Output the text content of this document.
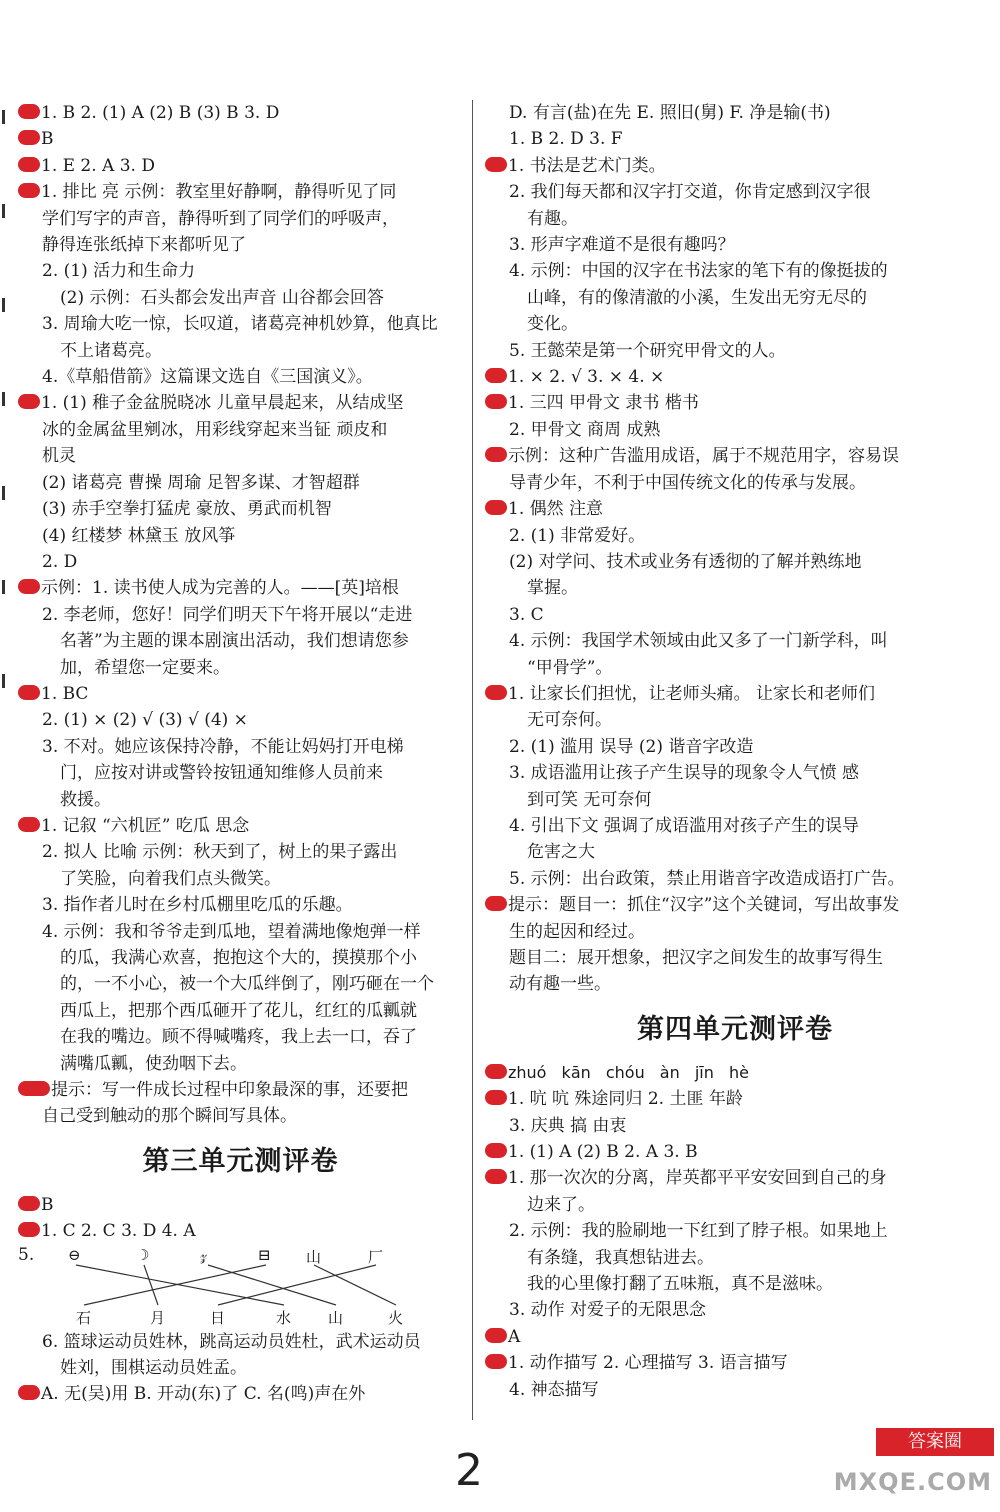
1. B 2. (1) A (2) B (3) B 3. D
B
1. E 2. A 3. D
1. 排比 亮 示例：教室里好静啊，静得听见了同
学们写字的声音，静得听到了同学们的呼吸声，
静得连张纸掉下来都听见了
2. (1) 活力和生命力
(2) 示例：石头都会发出声音 山谷都会回答
3. 周瑜大吃一惊，长叹道，诸葛亮神机妙算，他真比
不上诸葛亮。
4.《草船借箭》这篇课文选自《三国演义》。
1. (1) 稚子金盆脱晓冰 儿童早晨起来，从结成坚
冰的金属盆里剜冰，用彩线穿起来当钲 顽皮和
机灵
(2) 诸葛亮 曹操 周瑜 足智多谋、才智超群
(3) 赤手空拳打猛虎 豪放、勇武而机智
(4) 红楼梦 林黛玉 放风筝
2. D
示例：1. 读书使人成为完善的人。——[英]培根
2. 李老师，您好！同学们明天下午将开展以“走进
名著”为主题的课本剧演出活动，我们想请您参
加，希望您一定要来。
1. BC
2. (1) × (2) √ (3) √ (4) ×
3. 不对。她应该保持冷静，不能让妈妈打开电梯
门，应按对讲或警铃按钮通知维修人员前来
救援。
1. 记叙 “六机匠” 吃瓜 思念
2. 拟人 比喻 示例：秋天到了，树上的果子露出
了笑脸，向着我们点头微笑。
3. 指作者儿时在乡村瓜棚里吃瓜的乐趣。
4. 示例：我和爷爷走到瓜地，望着满地像炮弹一样
的瓜，我满心欢喜，抱抱这个大的，摸摸那个小
的，一不小心，被一个大瓜绊倒了，刚巧砸在一个
西瓜上，把那个西瓜砸开了花儿，红红的瓜瓤就
在我的嘴边。顾不得喊嘴疼，我上去一口，吞了
满嘴瓜瓤，使劲咽下去。
提示：写一件成长过程中印象最深的事，还要把
自己受到触动的那个瞬间写具体。
第三单元测评卷
B
1. C 2. C 3. D 4. A
5. ⊖	☽	𝓏	⊟ 山	厂
石	月	日	水 山	火
6. 篮球运动员姓林，跳高运动员姓杜，武术运动员
姓刘，围棋运动员姓孟。
A. 无(吴)用 B. 开动(东)了 C. 名(鸣)声在外
D. 有言(盐)在先 E. 照旧(舅) F. 净是输(书)
1. B 2. D 3. F
1. 书法是艺术门类。
2. 我们每天都和汉字打交道，你肯定感到汉字很
有趣。
3. 形声字难道不是很有趣吗？
4. 示例：中国的汉字在书法家的笔下有的像挺拔的
山峰，有的像清澈的小溪，生发出无穷无尽的
变化。
5. 王懿荣是第一个研究甲骨文的人。
1. × 2. √ 3. × 4. ×
1. 三四 甲骨文 隶书 楷书
2. 甲骨文 商周 成熟
示例：这种广告滥用成语，属于不规范用字，容易误
导青少年，不利于中国传统文化的传承与发展。
1. 偶然 注意
2. (1) 非常爱好。
(2) 对学问、技术或业务有透彻的了解并熟练地
掌握。
3. C
4. 示例：我国学术领域由此又多了一门新学科，叫
“甲骨学”。
1. 让家长们担忧，让老师头痛。 让家长和老师们
无可奈何。
2. (1) 滥用 误导 (2) 谐音字改造
3. 成语滥用让孩子产生误导的现象令人气愤 感
到可笑 无可奈何
4. 引出下文 强调了成语滥用对孩子产生的误导
危害之大
5. 示例：出台政策，禁止用谐音字改造成语打广告。
提示：题目一：抓住“汉字”这个关键词，写出故事发
生的起因和经过。
题目二：展开想象，把汉字之间发生的故事写得生
动有趣一些。
第四单元测评卷
zhuó kān chóu àn jīn hè
1. 吭 吭 殊途同归 2. 土匪 年龄
3. 庆典 搞 由衷
1. (1) A (2) B 2. A 3. B
1. 那一次次的分离，岸英都平平安安回到自己的身
边来了。
2. 示例：我的脸刷地一下红到了脖子根。如果地上
有条缝，我真想钻进去。
我的心里像打翻了五味瓶，真不是滋味。
3. 动作 对爱子的无限思念
A
1. 动作描写 2. 心理描写 3. 语言描写
4. 神态描写
2
答案圈
MXQE.COM
